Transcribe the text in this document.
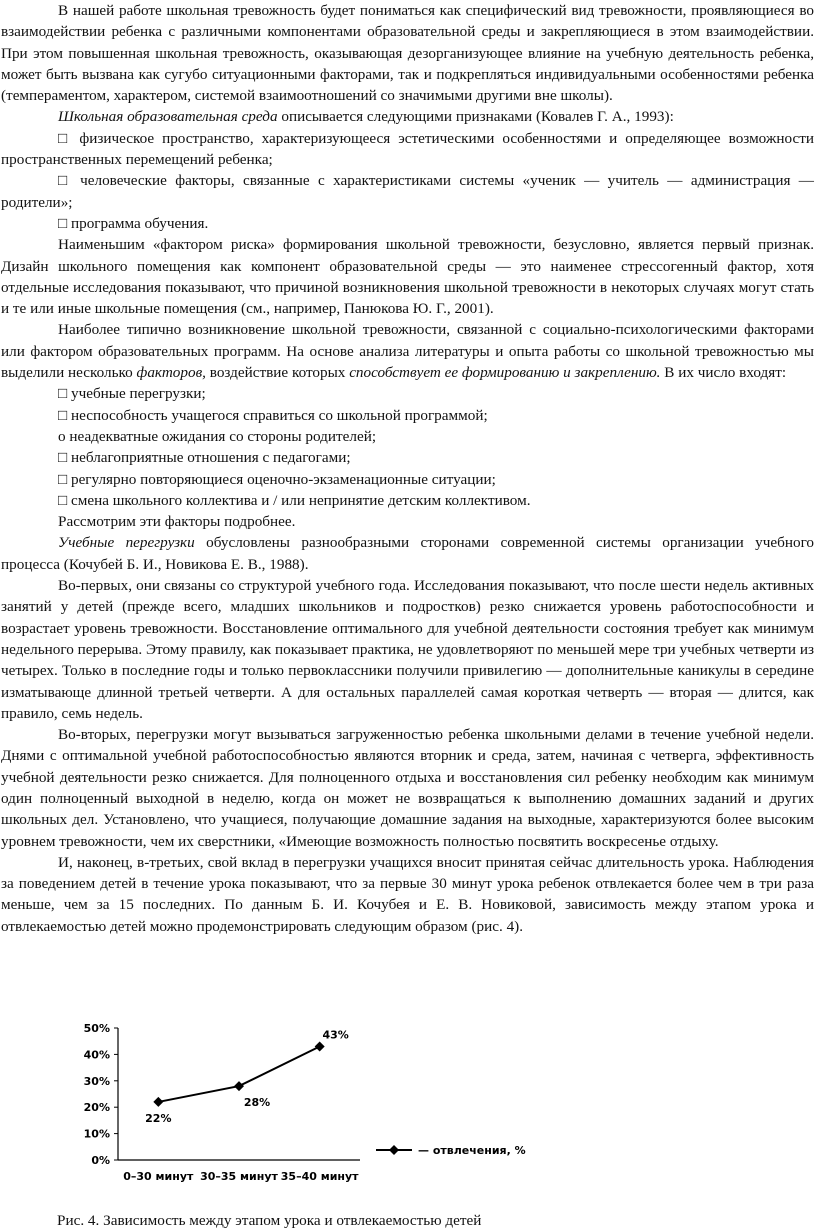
В нашей работе школьная тревожность будет пониматься как специфический вид тревожности, проявляющиеся во взаимодействии ребенка с различными компонентами образовательной среды и закрепляющиеся в этом взаимодействии. При этом повышенная школьная тревожность, оказывающая дезорганизующее влияние на учебную деятельность ребенка, может быть вызвана как сугубо ситуационными факторами, так и подкрепляться индивидуальными особенностями ребенка (темпераментом, характером, системой взаимоотношений со значимыми другими вне школы).

Школьная образовательная среда описывается следующими признаками (Ковалев Г. А., 1993):

□ физическое пространство, характеризующееся эстетическими особенностями и определяющее возможности пространственных перемещений ребенка;

□ человеческие факторы, связанные с характеристиками системы «ученик — учитель — администрация — родители»;

□ программа обучения.

Наименьшим «фактором риска» формирования школьной тревожности, безусловно, является первый признак. Дизайн школьного помещения как компонент образовательной среды — это наименее стрессогенный фактор, хотя отдельные исследования показывают, что причиной возникновения школьной тревожности в некоторых случаях могут стать и те или иные школьные помещения (см., например, Панюкова Ю. Г., 2001).

Наиболее типично возникновение школьной тревожности, связанной с социально-психологическими факторами или фактором образовательных программ. На основе анализа литературы и опыта работы со школьной тревожностью мы выделили несколько факторов, воздействие которых способствует ее формированию и закреплению. В их число входят:

□ учебные перегрузки;

□ неспособность учащегося справиться со школьной программой;

о неадекватные ожидания со стороны родителей;

□ неблагоприятные отношения с педагогами;

□ регулярно повторяющиеся оценочно-экзаменационные ситуации;

□ смена школьного коллектива и / или непринятие детским коллективом.

Рассмотрим эти факторы подробнее.

Учебные перегрузки обусловлены разнообразными сторонами современной системы организации учебного процесса (Кочубей Б. И., Новикова Е. В., 1988).

Во-первых, они связаны со структурой учебного года. Исследования показывают, что после шести недель активных занятий у детей (прежде всего, младших школьников и подростков) резко снижается уровень работоспособности и возрастает уровень тревожности. Восстановление оптимального для учебной деятельности состояния требует как минимум недельного перерыва. Этому правилу, как показывает практика, не удовлетворяют по меньшей мере три учебных четверти из четырех. Только в последние годы и только первоклассники получили привилегию — дополнительные каникулы в середине изматывающе длинной третьей четверти. А для остальных параллелей самая короткая четверть — вторая — длится, как правило, семь недель.

Во-вторых, перегрузки могут вызываться загруженностью ребенка школьными делами в течение учебной недели. Днями с оптимальной учебной работоспособностью являются вторник и среда, затем, начиная с четверга, эффективность учебной деятельности резко снижается. Для полноценного отдыха и восстановления сил ребенку необходим как минимум один полноценный выходной в неделю, когда он может не возвращаться к выполнению домашних заданий и других школьных дел. Установлено, что учащиеся, получающие домашние задания на выходные, характеризуются более высоким уровнем тревожности, чем их сверстники, «Имеющие возможность полностью посвятить воскресенье отдыху.

И, наконец, в-третьих, свой вклад в перегрузки учащихся вносит принятая сейчас длительность урока. Наблюдения за поведением детей в течение урока показывают, что за первые 30 минут урока ребенок отвлекается более чем в три раза меньше, чем за 15 последних. По данным Б. И. Кочубея и Е. В. Новиковой, зависимость между этапом урока и отвлекаемостью детей можно продемонстрировать следующим образом (рис. 4).

0%
10%
20%
30%
40%
50%
0–30 минут 30–35 минут 35–40 минут
22%
28%
43%
— отвлечения, %

Рис. 4. Зависимость между этапом урока и отвлекаемостью детей
